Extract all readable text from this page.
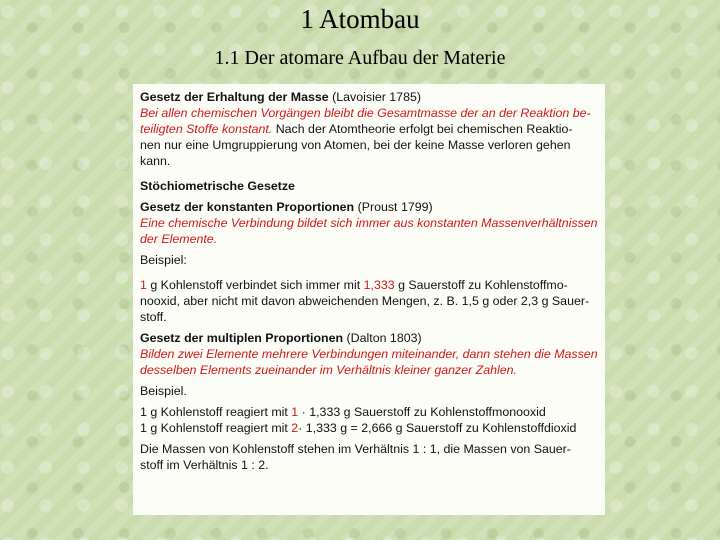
1 Atombau
1.1 Der atomare Aufbau der Materie

Gesetz der Erhaltung der Masse (Lavoisier 1785)
Bei allen chemischen Vorgängen bleibt die Gesamtmasse der an der Reaktion be-
teiligten Stoffe konstant. Nach der Atomtheorie erfolgt bei chemischen Reaktio-
nen nur eine Umgruppierung von Atomen, bei der keine Masse verloren gehen
kann.

Stöchiometrische Gesetze

Gesetz der konstanten Proportionen (Proust 1799)
Eine chemische Verbindung bildet sich immer aus konstanten Massenverhältnissen
der Elemente.

Beispiel:

1 g Kohlenstoff verbindet sich immer mit 1,333 g Sauerstoff zu Kohlenstoffmo-
nooxid, aber nicht mit davon abweichenden Mengen, z. B. 1,5 g oder 2,3 g Sauer-
stoff.

Gesetz der multiplen Proportionen (Dalton 1803)
Bilden zwei Elemente mehrere Verbindungen miteinander, dann stehen die Massen
desselben Elements zueinander im Verhältnis kleiner ganzer Zahlen.

Beispiel.

1 g Kohlenstoff reagiert mit 1 · 1,333 g Sauerstoff zu Kohlenstoffmonooxid
1 g Kohlenstoff reagiert mit 2· 1,333 g = 2,666 g Sauerstoff zu Kohlenstoffdioxid

Die Massen von Kohlenstoff stehen im Verhältnis 1 : 1, die Massen von Sauer-
stoff im Verhältnis 1 : 2.
